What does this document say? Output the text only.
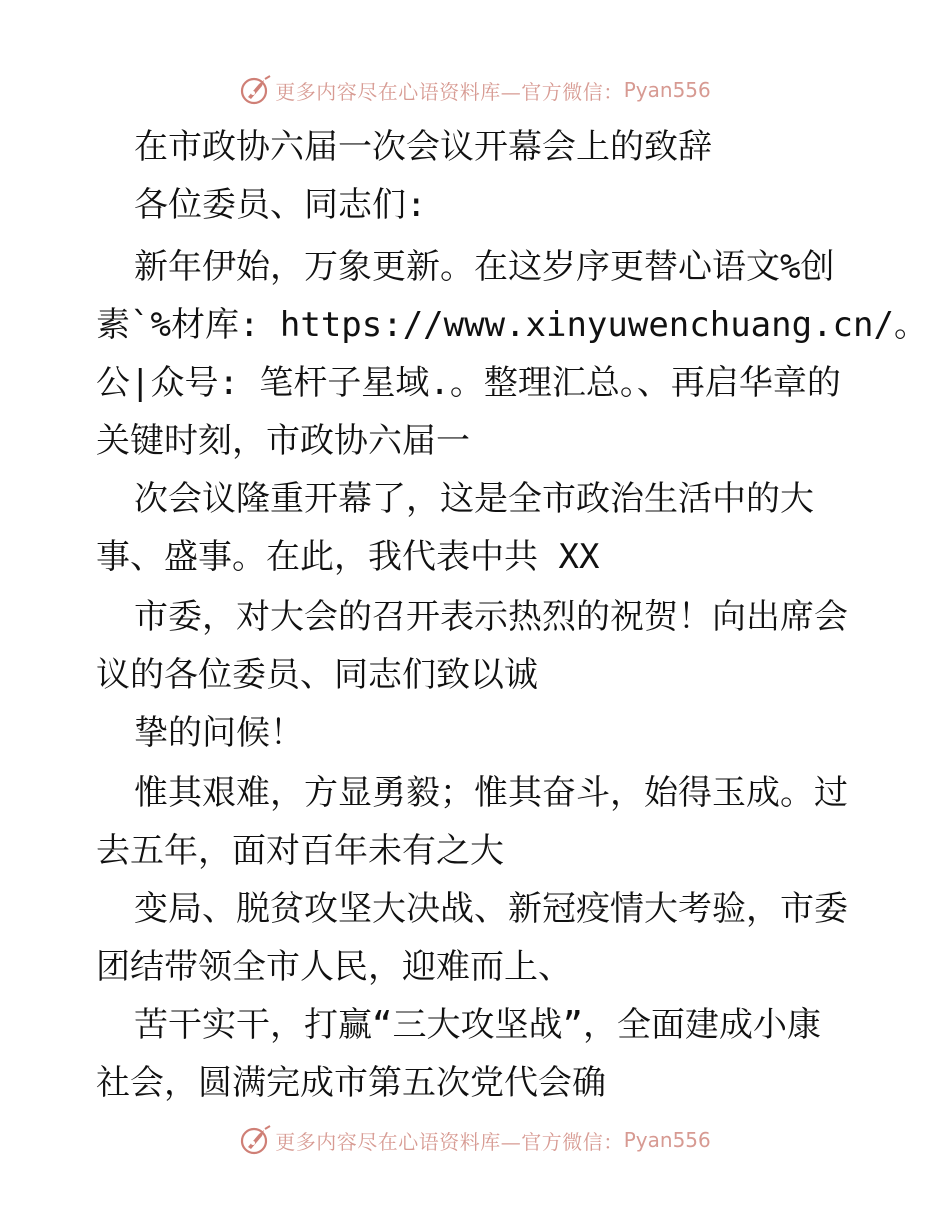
更多内容尽在心语资料库—官方微信： Pyan556
在市政协六届一次会议开幕会上的致辞
各位委员、同志们:
新年伊始，万象更新。在这岁序更替心语文%创
素`%材库: https://www.xinyuwenchuang.cn/。
公|众号: 笔杆子星域.。整理汇总。、再启华章的
关键时刻，市政协六届一
次会议隆重开幕了，这是全市政治生活中的大
事、盛事。在此，我代表中共 XX
市委，对大会的召开表示热烈的祝贺！向出席会
议的各位委员、同志们致以诚
挚的问候！
惟其艰难，方显勇毅；惟其奋斗，始得玉成。过
去五年，面对百年未有之大
变局、脱贫攻坚大决战、新冠疫情大考验，市委
团结带领全市人民，迎难而上、
苦干实干，打赢“三大攻坚战”，全面建成小康
社会，圆满完成市第五次党代会确
更多内容尽在心语资料库—官方微信： Pyan556
